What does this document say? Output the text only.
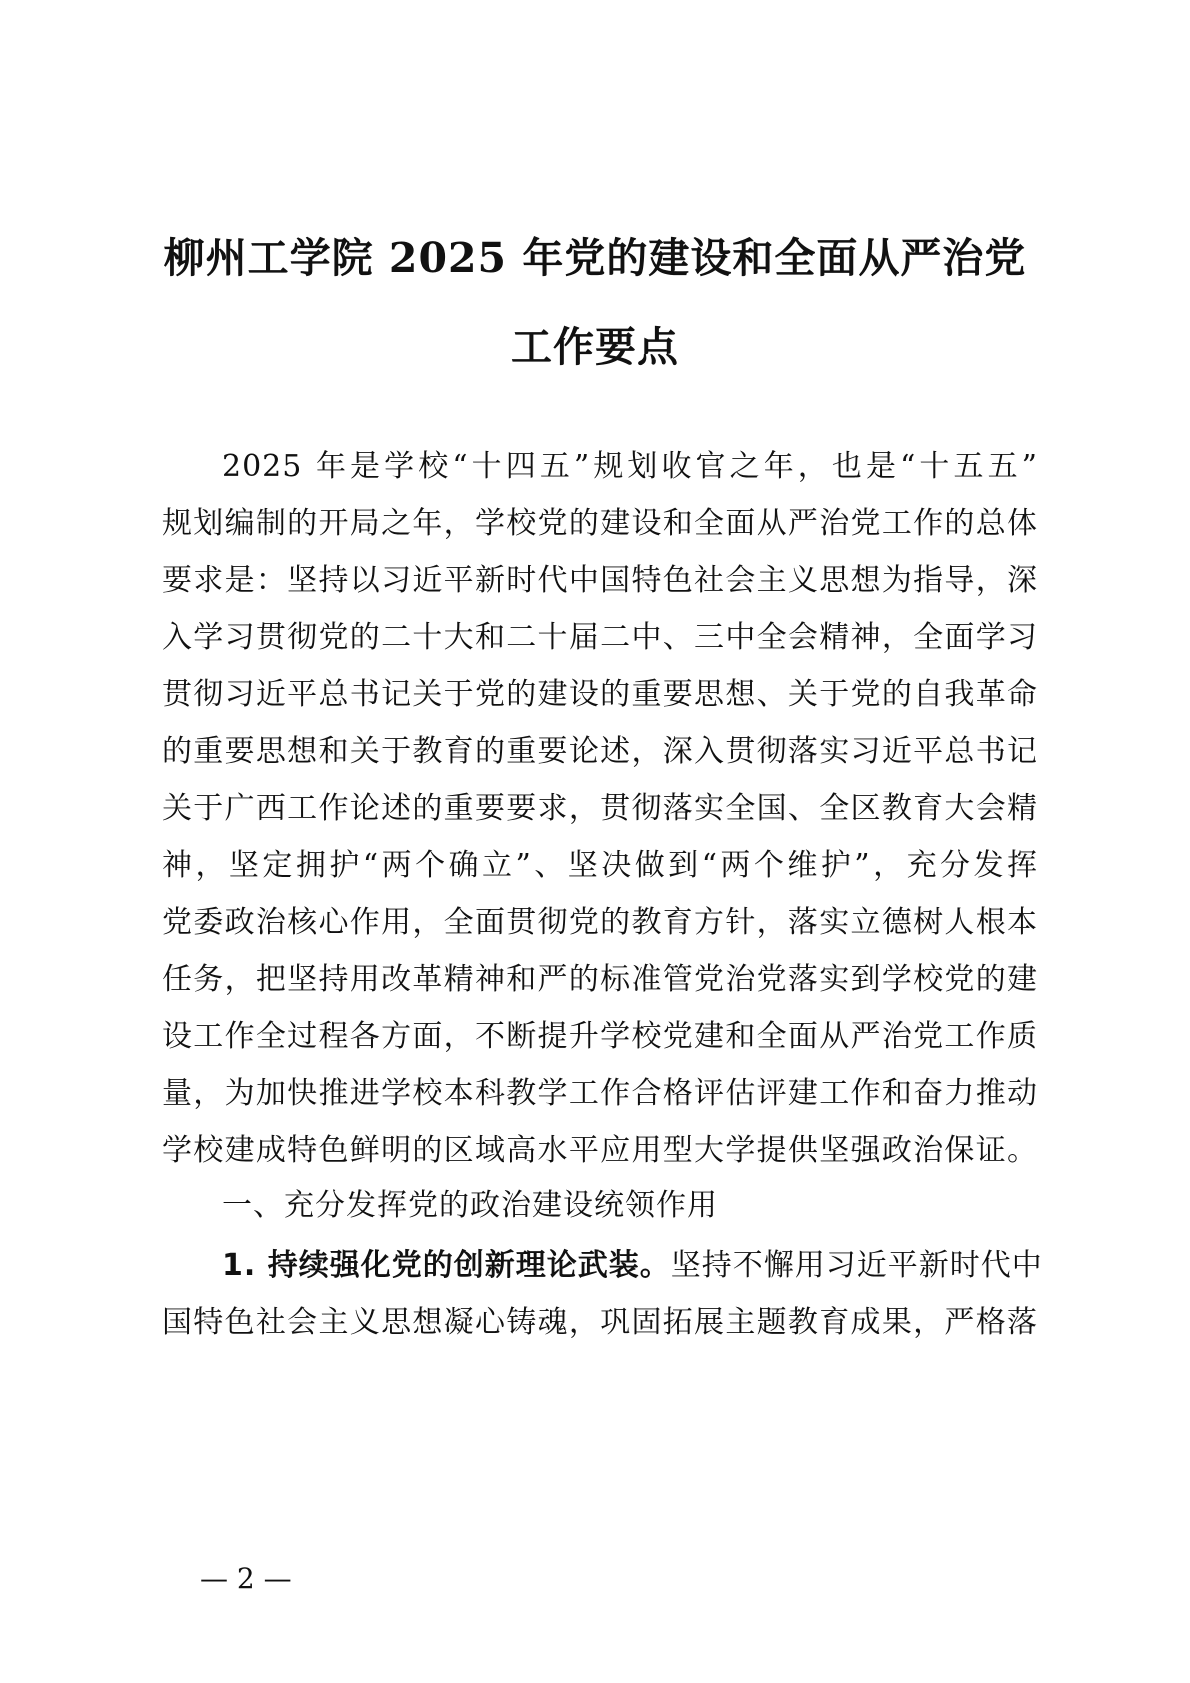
柳州工学院 2025 年党的建设和全面从严治党
工作要点
2025 年是学校“十四五”规划收官之年，也是“十五五”
规划编制的开局之年，学校党的建设和全面从严治党工作的总体
要求是：坚持以习近平新时代中国特色社会主义思想为指导，深
入学习贯彻党的二十大和二十届二中、三中全会精神，全面学习
贯彻习近平总书记关于党的建设的重要思想、关于党的自我革命
的重要思想和关于教育的重要论述，深入贯彻落实习近平总书记
关于广西工作论述的重要要求，贯彻落实全国、全区教育大会精
神，坚定拥护“两个确立”、坚决做到“两个维护”，充分发挥
党委政治核心作用，全面贯彻党的教育方针，落实立德树人根本
任务，把坚持用改革精神和严的标准管党治党落实到学校党的建
设工作全过程各方面，不断提升学校党建和全面从严治党工作质
量，为加快推进学校本科教学工作合格评估评建工作和奋力推动
学校建成特色鲜明的区域高水平应用型大学提供坚强政治保证。
一、充分发挥党的政治建设统领作用
1. 持续强化党的创新理论武装。坚持不懈用习近平新时代中
国特色社会主义思想凝心铸魂，巩固拓展主题教育成果，严格落
— 2 —
